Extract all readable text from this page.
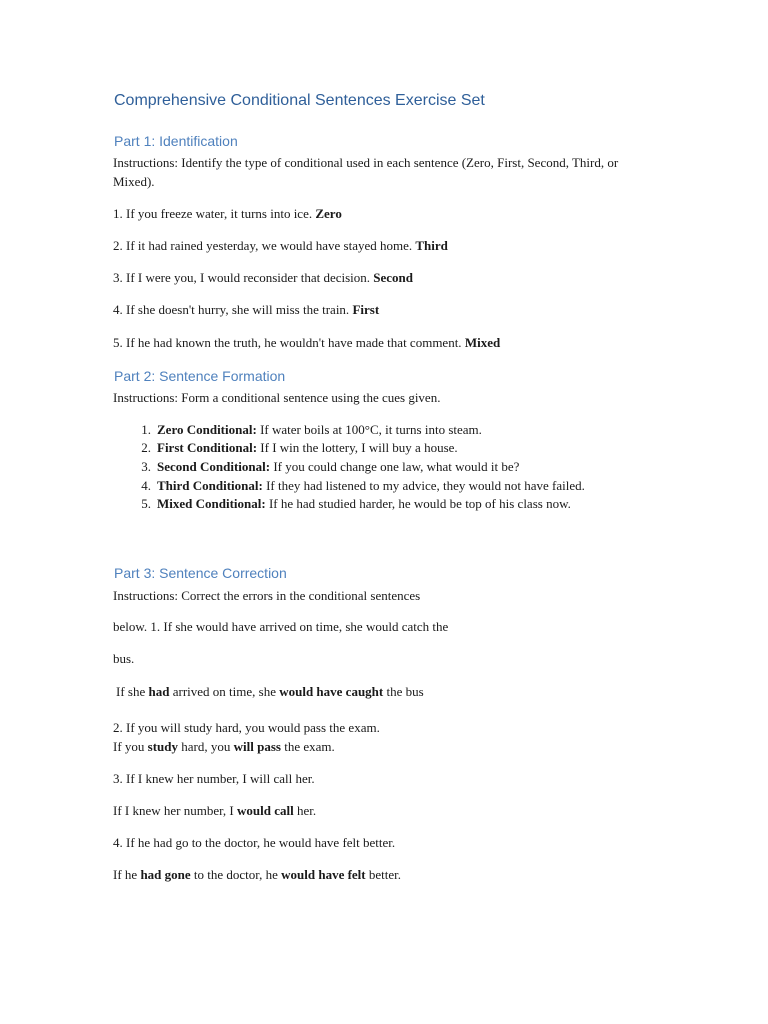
Comprehensive Conditional Sentences Exercise Set
Part 1: Identification

Instructions: Identify the type of conditional used in each sentence (Zero, First, Second, Third, or Mixed).

1. If you freeze water, it turns into ice. Zero

2. If it had rained yesterday, we would have stayed home. Third

3. If I were you, I would reconsider that decision. Second

4. If she doesn't hurry, she will miss the train. First

5. If he had known the truth, he wouldn't have made that comment. Mixed

Part 2: Sentence Formation

Instructions: Form a conditional sentence using the cues given.

1. Zero Conditional: If water boils at 100°C, it turns into steam.

2. First Conditional: If I win the lottery, I will buy a house.

3. Second Conditional: If you could change one law, what would it be?

4. Third Conditional: If they had listened to my advice, they would not have failed.

5. Mixed Conditional: If he had studied harder, he would be top of his class now.

Part 3: Sentence Correction

Instructions: Correct the errors in the conditional sentences

below. 1. If she would have arrived on time, she would catch the

bus.

If she had arrived on time, she would have caught the bus

2. If you will study hard, you would pass the exam.

If you study hard, you will pass the exam.

3. If I knew her number, I will call her.

If I knew her number, I would call her.

4. If he had go to the doctor, he would have felt better.

If he had gone to the doctor, he would have felt better.
